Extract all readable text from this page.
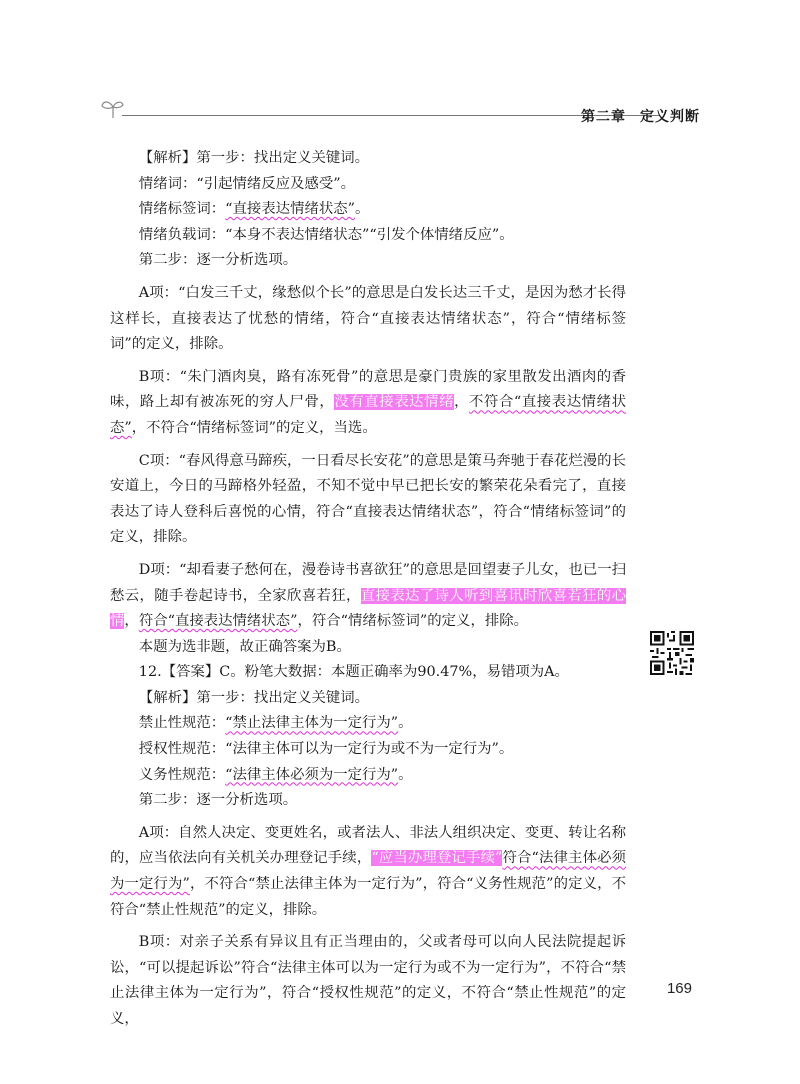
第二章 定义判断

【解析】第一步：找出定义关键词。

情绪词：“引起情绪反应及感受”。

情绪标签词：“直接表达情绪状态”。

情绪负载词：“本身不表达情绪状态”“引发个体情绪反应”。

第二步：逐一分析选项。

A项：“白发三千丈，缘愁似个长”的意思是白发长达三千丈，是因为愁才长得这样长，直接表达了忧愁的情绪，符合“直接表达情绪状态”，符合“情绪标签词”的定义，排除。

B项：“朱门酒肉臭，路有冻死骨”的意思是豪门贵族的家里散发出酒肉的香味，路上却有被冻死的穷人尸骨，没有直接表达情绪，不符合“直接表达情绪状态”，不符合“情绪标签词”的定义，当选。

C项：“春风得意马蹄疾，一日看尽长安花”的意思是策马奔驰于春花烂漫的长安道上，今日的马蹄格外轻盈，不知不觉中早已把长安的繁荣花朵看完了，直接表达了诗人登科后喜悦的心情，符合“直接表达情绪状态”，符合“情绪标签词”的定义，排除。

D项：“却看妻子愁何在，漫卷诗书喜欲狂”的意思是回望妻子儿女，也已一扫愁云，随手卷起诗书，全家欣喜若狂，直接表达了诗人听到喜讯时欣喜若狂的心情，符合“直接表达情绪状态”，符合“情绪标签词”的定义，排除。

本题为选非题，故正确答案为B。

12.【答案】C。粉笔大数据：本题正确率为90.47%，易错项为A。

【解析】第一步：找出定义关键词。

禁止性规范：“禁止法律主体为一定行为”。

授权性规范：“法律主体可以为一定行为或不为一定行为”。

义务性规范：“法律主体必须为一定行为”。

第二步：逐一分析选项。

A项：自然人决定、变更姓名，或者法人、非法人组织决定、变更、转让名称的，应当依法向有关机关办理登记手续，“应当办理登记手续”符合“法律主体必须为一定行为”，不符合“禁止法律主体为一定行为”，符合“义务性规范”的定义，不符合“禁止性规范”的定义，排除。

B项：对亲子关系有异议且有正当理由的，父或者母可以向人民法院提起诉讼，“可以提起诉讼”符合“法律主体可以为一定行为或不为一定行为”，不符合“禁止法律主体为一定行为”，符合“授权性规范”的定义，不符合“禁止性规范”的定义，

169
